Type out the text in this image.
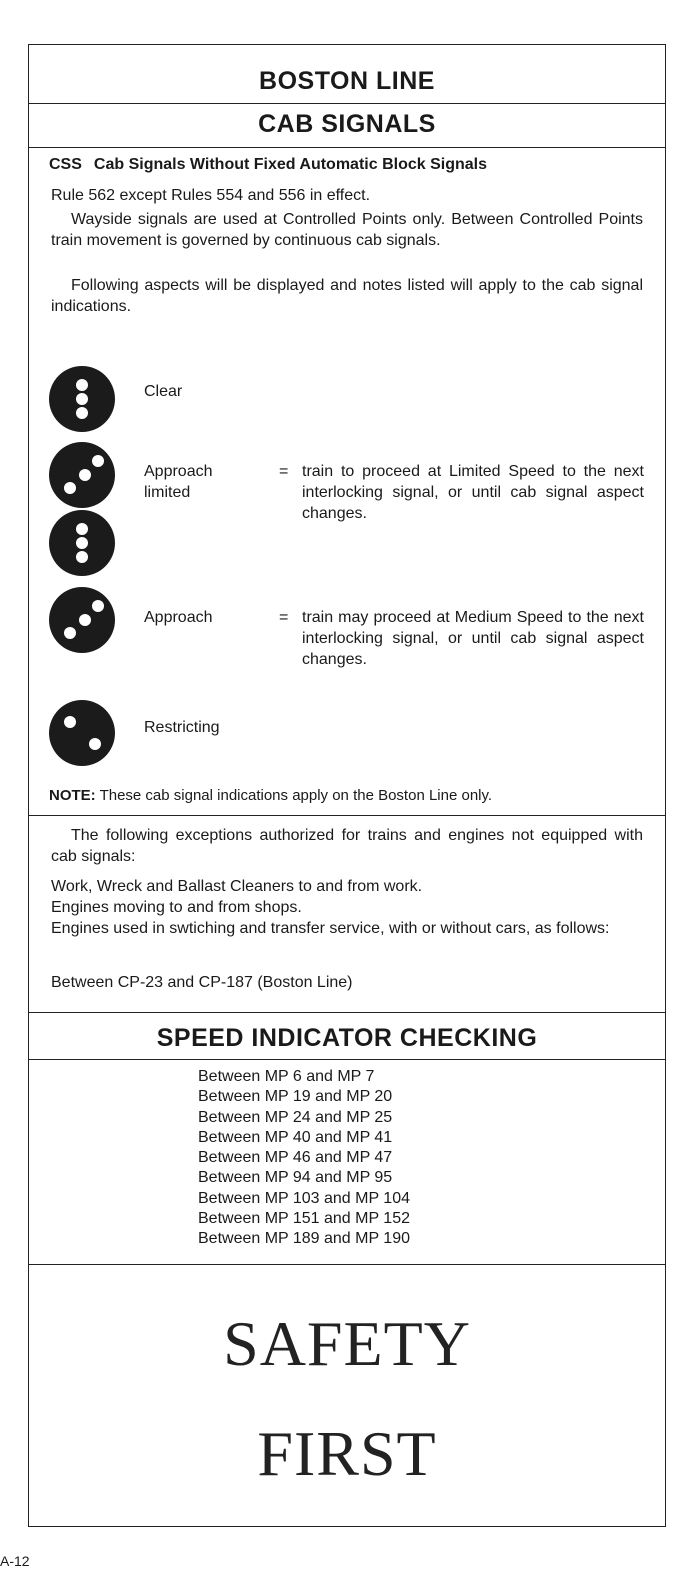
BOSTON LINE
CAB SIGNALS
CSS Cab Signals Without Fixed Automatic Block Signals
Rule 562 except Rules 554 and 556 in effect.
Wayside signals are used at Controlled Points only. Between Controlled Points train movement is governed by continuous cab signals.
Following aspects will be displayed and notes listed will apply to the cab signal indications.
Clear
Approach
limited
= train to proceed at Limited Speed to the next interlocking signal, or until cab signal aspect changes.
Approach	= train may proceed at Medium Speed to the next interlocking signal, or until cab signal aspect changes.
Restricting
NOTE: These cab signal indications apply on the Boston Line only.
The following exceptions authorized for trains and engines not equipped with cab signals:
Work, Wreck and Ballast Cleaners to and from work.
Engines moving to and from shops.
Engines used in swtiching and transfer service, with or without cars, as follows:
Between CP-23 and CP-187 (Boston Line)
SPEED INDICATOR CHECKING
Between MP 6 and MP 7
Between MP 19 and MP 20
Between MP 24 and MP 25
Between MP 40 and MP 41
Between MP 46 and MP 47
Between MP 94 and MP 95
Between MP 103 and MP 104
Between MP 151 and MP 152
Between MP 189 and MP 190
SAFETY
FIRST
A-12
